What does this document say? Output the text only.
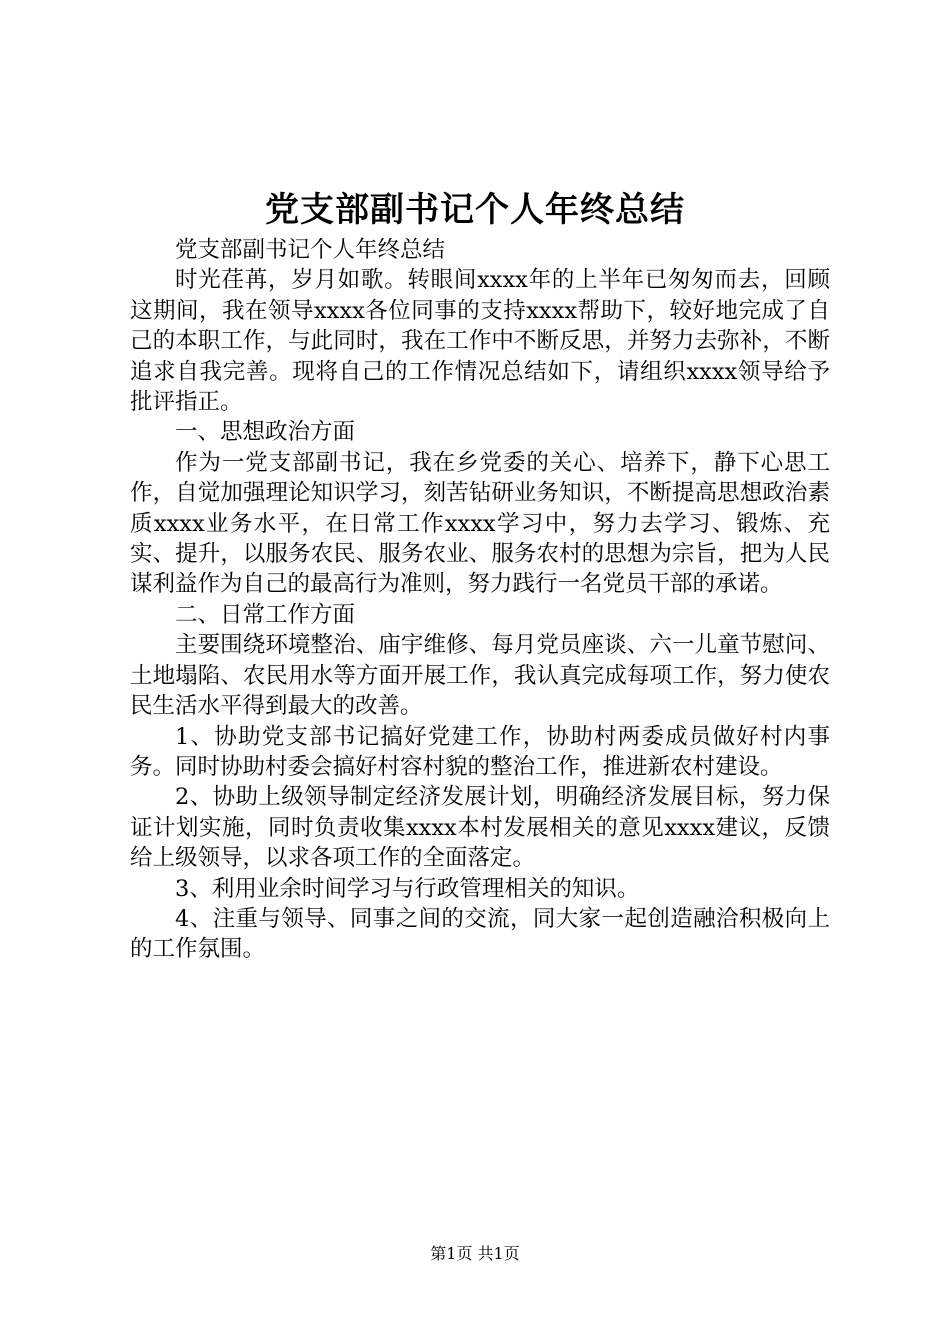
党支部副书记个人年终总结

党支部副书记个人年终总结

时光荏苒，岁月如歌。转眼间xxxx年的上半年已匆匆而去，回顾这期间，我在领导xxxx各位同事的支持xxxx帮助下，较好地完成了自己的本职工作，与此同时，我在工作中不断反思，并努力去弥补，不断追求自我完善。现将自己的工作情况总结如下，请组织xxxx领导给予批评指正。

一、思想政治方面

作为一党支部副书记，我在乡党委的关心、培养下，静下心思工作，自觉加强理论知识学习，刻苦钻研业务知识，不断提高思想政治素质xxxx业务水平，在日常工作xxxx学习中，努力去学习、锻炼、充实、提升，以服务农民、服务农业、服务农村的思想为宗旨，把为人民谋利益作为自己的最高行为准则，努力践行一名党员干部的承诺。

二、日常工作方面

主要围绕环境整治、庙宇维修、每月党员座谈、六一儿童节慰问、土地塌陷、农民用水等方面开展工作，我认真完成每项工作，努力使农民生活水平得到最大的改善。

1、协助党支部书记搞好党建工作，协助村两委成员做好村内事务。同时协助村委会搞好村容村貌的整治工作，推进新农村建设。

2、协助上级领导制定经济发展计划，明确经济发展目标，努力保证计划实施，同时负责收集xxxx本村发展相关的意见xxxx建议，反馈给上级领导，以求各项工作的全面落定。

3、利用业余时间学习与行政管理相关的知识。

4、注重与领导、同事之间的交流，同大家一起创造融洽积极向上的工作氛围。

第1页 共1页
